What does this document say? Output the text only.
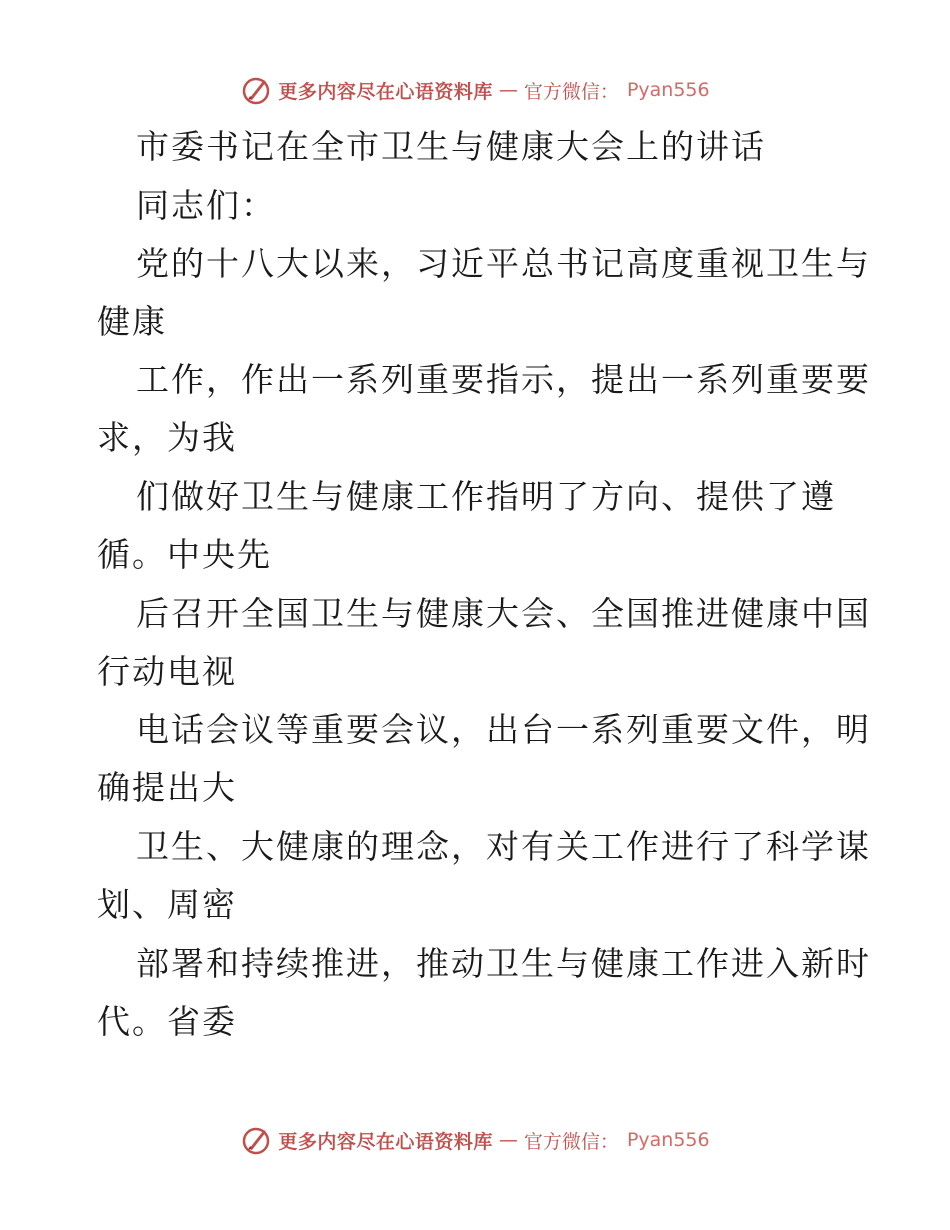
更多内容尽在心语资料库 — 官方微信： Pyan556
市委书记在全市卫生与健康大会上的讲话
同志们：
党的十八大以来，习近平总书记高度重视卫生与
健康
工作，作出一系列重要指示，提出一系列重要要
求，为我
们做好卫生与健康工作指明了方向、提供了遵
循。中央先
后召开全国卫生与健康大会、全国推进健康中国
行动电视
电话会议等重要会议，出台一系列重要文件，明
确提出大
卫生、大健康的理念，对有关工作进行了科学谋
划、周密
部署和持续推进，推动卫生与健康工作进入新时
代。省委
更多内容尽在心语资料库 — 官方微信： Pyan556
